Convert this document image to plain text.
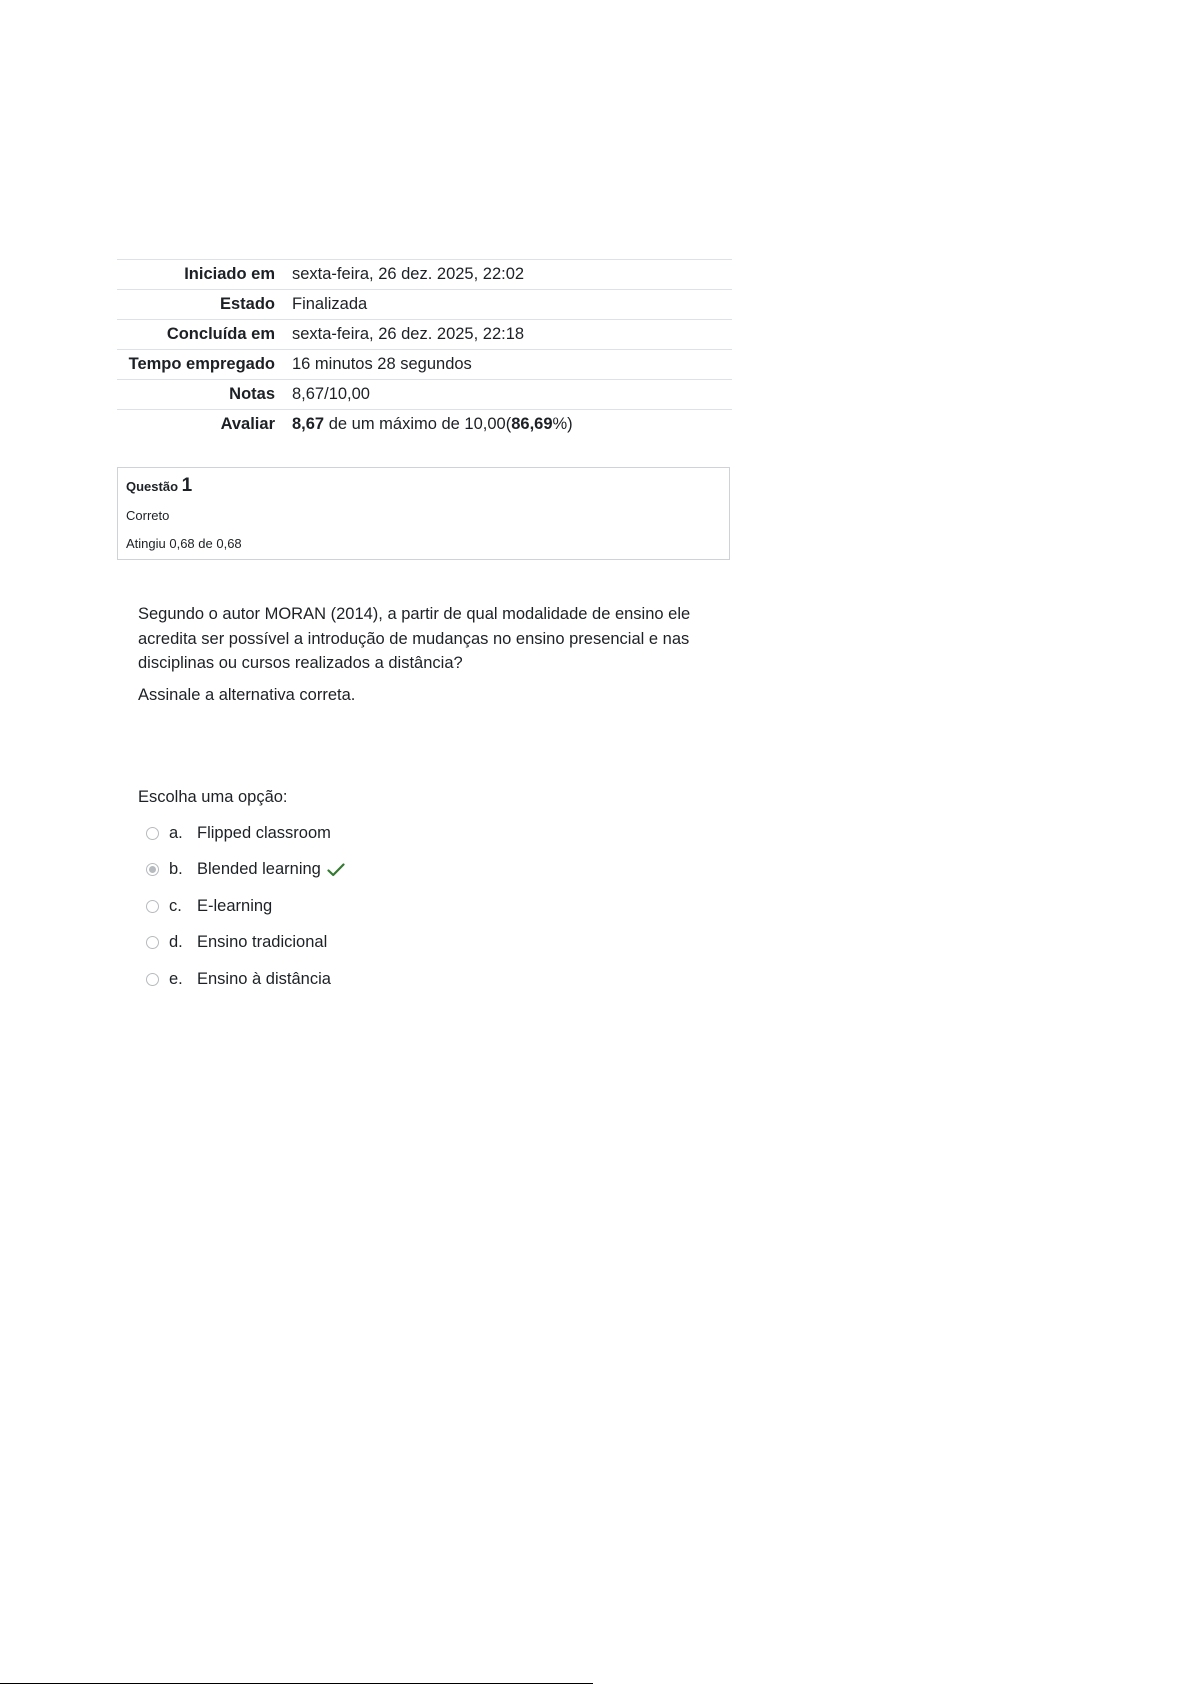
Iniciado em	sexta-feira, 26 dez. 2025, 22:02
Estado	Finalizada
Concluída em	sexta-feira, 26 dez. 2025, 22:18
Tempo empregado	16 minutos 28 segundos
Notas	8,67/10,00
Avaliar	8,67 de um máximo de 10,00(86,69%)
Questão 1
Correto
Atingiu 0,68 de 0,68

Segundo o autor MORAN (2014), a partir de qual modalidade de ensino ele acredita ser possível a introdução de mudanças no ensino presencial e nas disciplinas ou cursos realizados a distância?

Assinale a alternativa correta.

Escolha uma opção:
a. Flipped classroom
b. Blended learning
c. E-learning
d. Ensino tradicional
e. Ensino à distância
